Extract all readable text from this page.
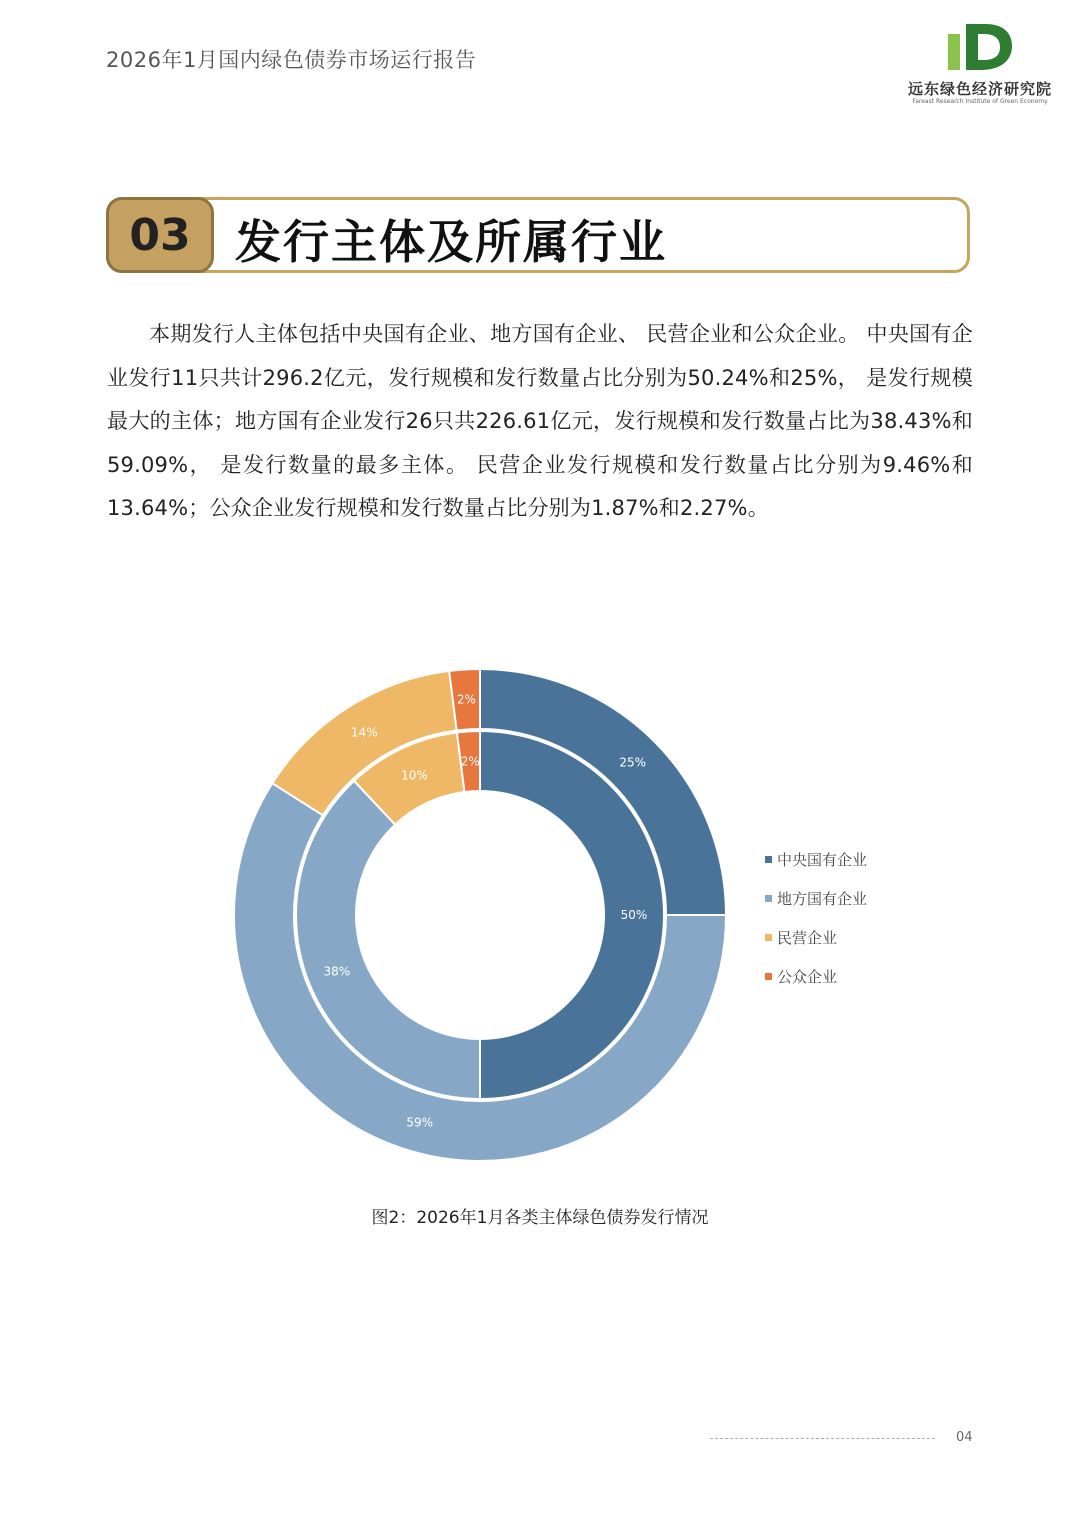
2026年1月国内绿色债券市场运行报告
远东绿色经济研究院
Fareast Research Institute of Green Economy
03 发行主体及所属行业
本期发行人主体包括中央国有企业、地方国有企业、 民营企业和公众企业。 中央国有企业发行11只共计296.2亿元，发行规模和发行数量占比分别为50.24%和25%， 是发行规模最大的主体；地方国有企业发行26只共226.61亿元，发行规模和发行数量占比为38.43%和59.09%， 是发行数量的最多主体。 民营企业发行规模和发行数量占比分别为9.46%和13.64%；公众企业发行规模和发行数量占比分别为1.87%和2.27%。
50%
38%
10%
2%	25%
59%
14%
2%
中央国有企业
地方国有企业
民营企业
公众企业
图2：2026年1月各类主体绿色债券发行情况
04
